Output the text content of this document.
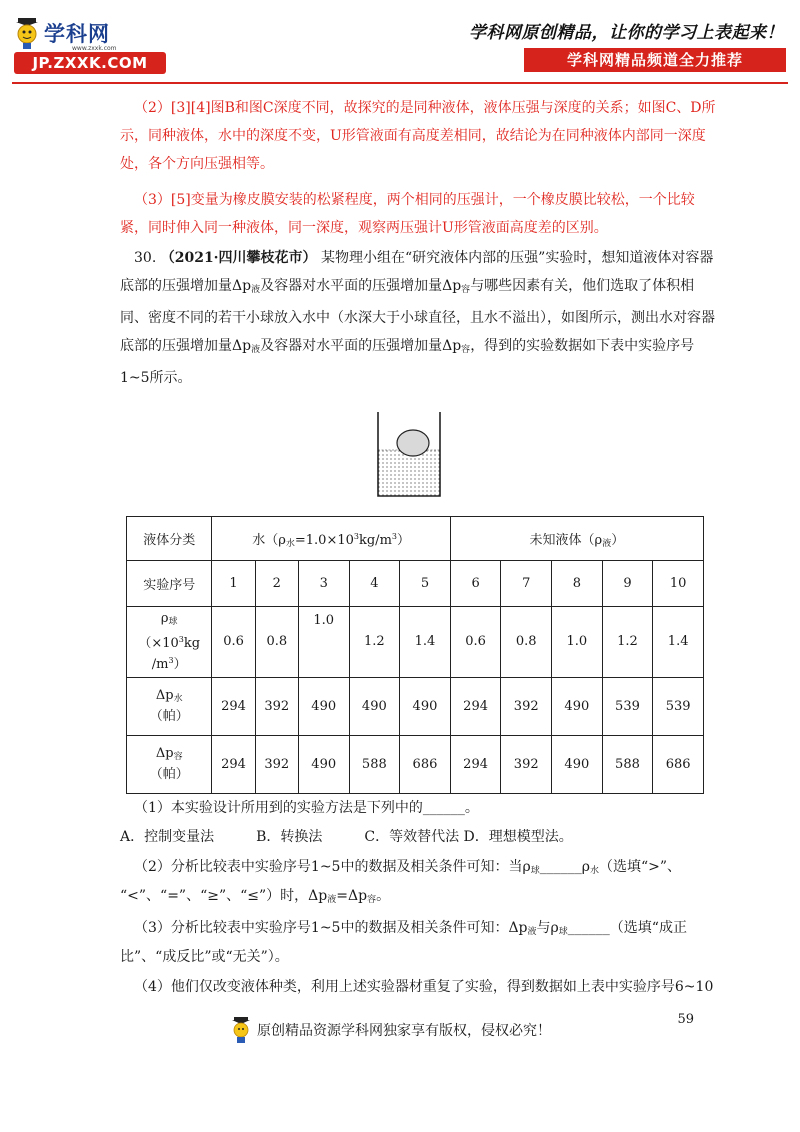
学科网
www.zxxk.com
JP.ZXXK.COM
学科网原创精品，让你的学习上表起来！
学科网精品频道全力推荐
（2）[3][4]图B和图C深度不同，故探究的是同种液体，液体压强与深度的关系；如图C、D所示，同种液体，水中的深度不变，U形管液面有高度差相同，故结论为在同种液体内部同一深度处，各个方向压强相等。
（3）[5]变量为橡皮膜安装的松紧程度，两个相同的压强计，一个橡皮膜比较松，一个比较紧，同时伸入同一种液体，同一深度，观察两压强计U形管液面高度差的区别。
30. （2021·四川攀枝花市） 某物理小组在“研究液体内部的压强”实验时，想知道液体对容器底部的压强增加量$\Delta p_液$及容器对水平面的压强增加量$\Delta p_容$与哪些因素有关，他们选取了体积相同、密度不同的若干小球放入水中（水深大于小球直径，且水不溢出），如图所示，测出水对容器底部的压强增加量$\Delta p_液$及容器对水平面的压强增加量$\Delta p_容$，得到的实验数据如下表中实验序号1~5所示。
液体分类	水$(\rho_水=1.0\times 10^3kg/m^3)$					未知液体$(\rho_液)$				
实验序号	1	2	3	4	5	6	7	8	9	10
$\rho_球$
（$\times 10^3kg$
$/m^3$）	0.6	0.8	1.0	1.2	1.4	0.6	0.8	1.0	1.2	1.4
$\Delta p_水$
（帕）	294	392	490	490	490	294	392	490	539	539
$\Delta p_容$
（帕）	294	392	490	588	686	294	392	490	588	686
（1）本实验设计所用到的实验方法是下列中的______。
A．控制变量法　　　B．转换法　　　C．等效替代法 D．理想模型法。
（2）分析比较表中实验序号1~5中的数据及相关条件可知：当$\rho_球\_\_\_\_\_\_\rho_水$（选填“>”、
“<”、“=”、“≥”、“≤”）时，$\Delta p_液=\Delta p_容$。
（3）分析比较表中实验序号1~5中的数据及相关条件可知：$\Delta p_液$与$\rho_球\_\_\_\_\_\_$（选填“成正
比”、“成反比”或“无关”）。
（4）他们仅改变液体种类，利用上述实验器材重复了实验，得到数据如上表中实验序号6~10
59
原创精品资源学科网独家享有版权，侵权必究！
